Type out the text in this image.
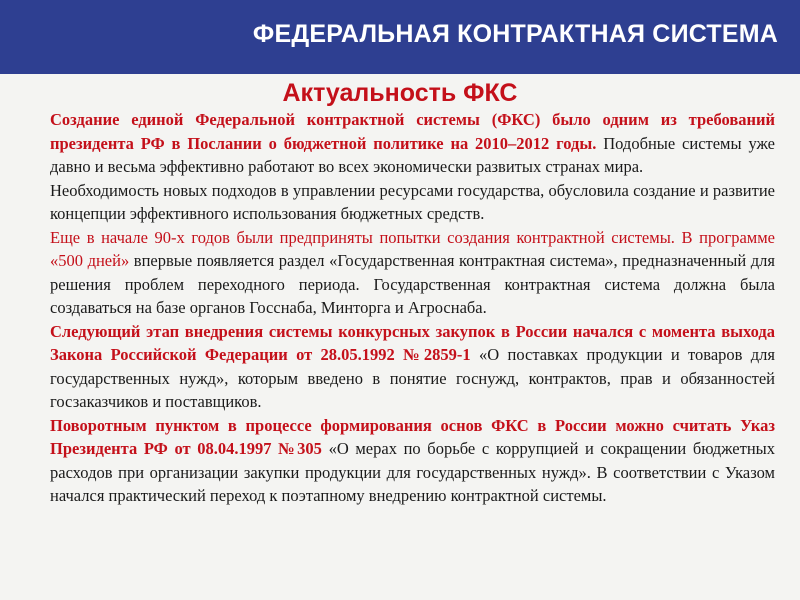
ФЕДЕРАЛЬНАЯ КОНТРАКТНАЯ СИСТЕМА
Актуальность ФКС

Создание единой Федеральной контрактной системы (ФКС) было одним из требований президента РФ в Послании о бюджетной политике на 2010–2012 годы. Подобные системы уже давно и весьма эффективно работают во всех экономически развитых странах мира.

Необходимость новых подходов в управлении ресурсами государства, обусловила создание и развитие концепции эффективного использования бюджетных средств.

Еще в начале 90-х годов были предприняты попытки создания контрактной системы. В программе «500 дней» впервые появляется раздел «Государственная контрактная система», предназначенный для решения проблем переходного периода. Государственная контрактная система должна была создаваться на базе органов Госснаба, Минторга и Агроснаба.

Следующий этап внедрения системы конкурсных закупок в России начался с момента выхода Закона Российской Федерации от 28.05.1992 №2859-1 «О поставках продукции и товаров для государственных нужд», которым введено в понятие госнужд, контрактов, прав и обязанностей госзаказчиков и поставщиков.

Поворотным пунктом в процессе формирования основ ФКС в России можно считать Указ Президента РФ от 08.04.1997 №305 «О мерах по борьбе с коррупцией и сокращении бюджетных расходов при организации закупки продукции для государственных нужд». В соответствии с Указом начался практический переход к поэтапному внедрению контрактной системы.
